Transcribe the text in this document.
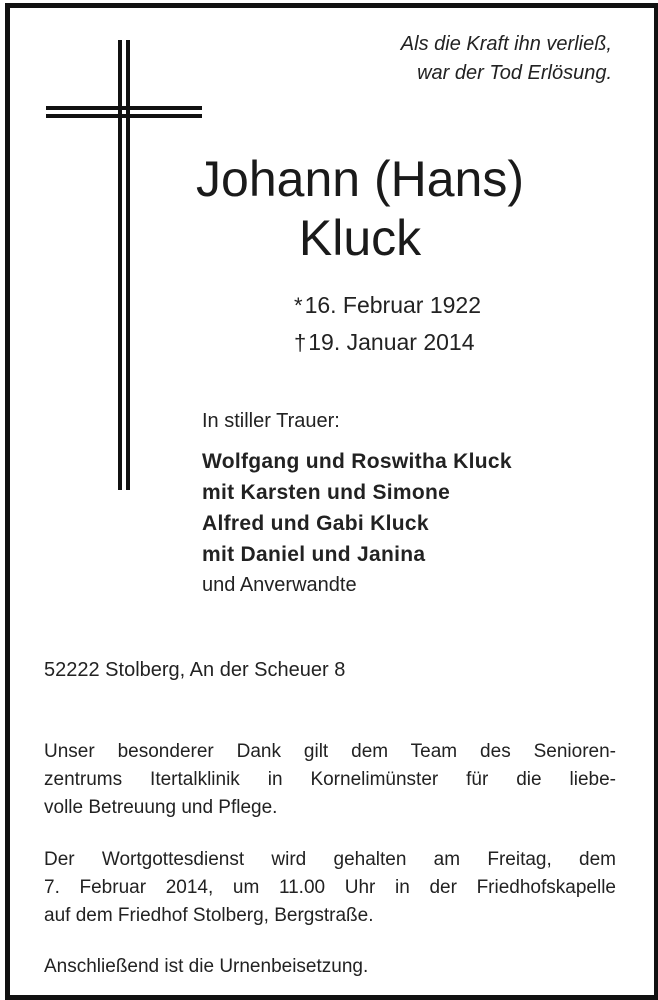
Als die Kraft ihn verließ,
war der Tod Erlösung.
Johann (Hans)
Kluck
*16. Februar 1922
†19. Januar 2014
In stiller Trauer:
Wolfgang und Roswitha Kluck
mit Karsten und Simone
Alfred und Gabi Kluck
mit Daniel und Janina
und Anverwandte
52222 Stolberg, An der Scheuer 8
Unser besonderer Dank gilt dem Team des Senioren-
zentrums Itertalklinik in Kornelimünster für die liebe-
volle Betreuung und Pflege.
Der Wortgottesdienst wird gehalten am Freitag, dem
7. Februar 2014, um 11.00 Uhr in der Friedhofskapelle
auf dem Friedhof Stolberg, Bergstraße.
Anschließend ist die Urnenbeisetzung.
